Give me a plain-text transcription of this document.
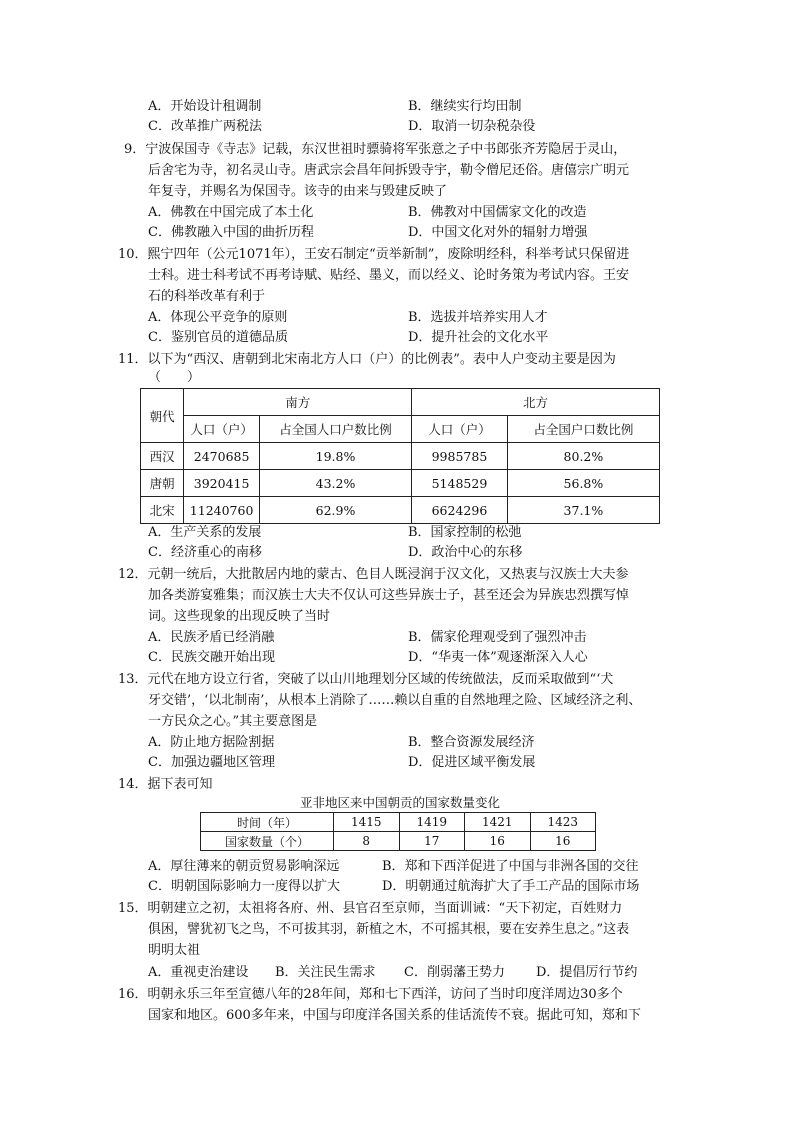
A．开始设计租调制	B．继续实行均田制
C．改革推广两税法	D．取消一切杂税杂役
9．宁波保国寺《寺志》记载，东汉世祖时骠骑将军张意之子中书郎张齐芳隐居于灵山，
后舍宅为寺，初名灵山寺。唐武宗会昌年间拆毁寺宇，勒令僧尼还俗。唐僖宗广明元
年复寺，并赐名为保国寺。该寺的由来与毁建反映了
A．佛教在中国完成了本土化	B．佛教对中国儒家文化的改造
C．佛教融入中国的曲折历程	D．中国文化对外的辐射力增强
10．熙宁四年（公元1071年），王安石制定“贡举新制”，废除明经科，科举考试只保留进
士科。进士科考试不再考诗赋、贴经、墨义，而以经义、论时务策为考试内容。王安
石的科举改革有利于
A．体现公平竞争的原则	B．选拔并培养实用人才
C．鉴别官员的道德品质	D．提升社会的文化水平
11．以下为“西汉、唐朝到北宋南北方人口（户）的比例表”。表中人户变动主要是因为
（　　）
朝代	南方		北方	
	人口（户）	占全国人口户数比例	人口（户）	占全国户口数比例
西汉	2470685	19.8%	9985785	80.2%
唐朝	3920415	43.2%	5148529	56.8%
北宋	11240760	62.9%	6624296	37.1%
A．生产关系的发展	B．国家控制的松弛
C．经济重心的南移	D．政治中心的东移
12．元朝一统后，大批散居内地的蒙古、色目人既浸润于汉文化，又热衷与汉族士大夫参
加各类游宴雅集；而汉族士大夫不仅认可这些异族士子，甚至还会为异族忠烈撰写悼
词。这些现象的出现反映了当时
A．民族矛盾已经消融	B．儒家伦理观受到了强烈冲击
C．民族交融开始出现	D．“华夷一体”观逐渐深入人心
13．元代在地方设立行省，突破了以山川地理划分区域的传统做法，反而采取做到“‘犬
牙交错’，‘以北制南’，从根本上消除了……赖以自重的自然地理之险、区域经济之利、
一方民众之心。”其主要意图是
A．防止地方据险割据	B．整合资源发展经济
C．加强边疆地区管理	D．促进区域平衡发展
14．据下表可知
亚非地区来中国朝贡的国家数量变化
时间（年）	1415	1419	1421	1423
国家数量（个）	8	17	16	16
A．厚往薄来的朝贡贸易影响深远	B．郑和下西洋促进了中国与非洲各国的交往
C．明朝国际影响力一度得以扩大	D．明朝通过航海扩大了手工产品的国际市场
15．明朝建立之初，太祖将各府、州、县官召至京师，当面训诫：“天下初定，百姓财力
俱困，譬犹初飞之鸟，不可拔其羽，新植之木，不可摇其根，要在安养生息之。”这表
明明太祖
A．重视吏治建设 B．关注民生需求 C．削弱藩王势力 D．提倡厉行节约
16．明朝永乐三年至宣德八年的28年间，郑和七下西洋，访问了当时印度洋周边30多个
国家和地区。600多年来，中国与印度洋各国关系的佳话流传不衰。据此可知，郑和下
